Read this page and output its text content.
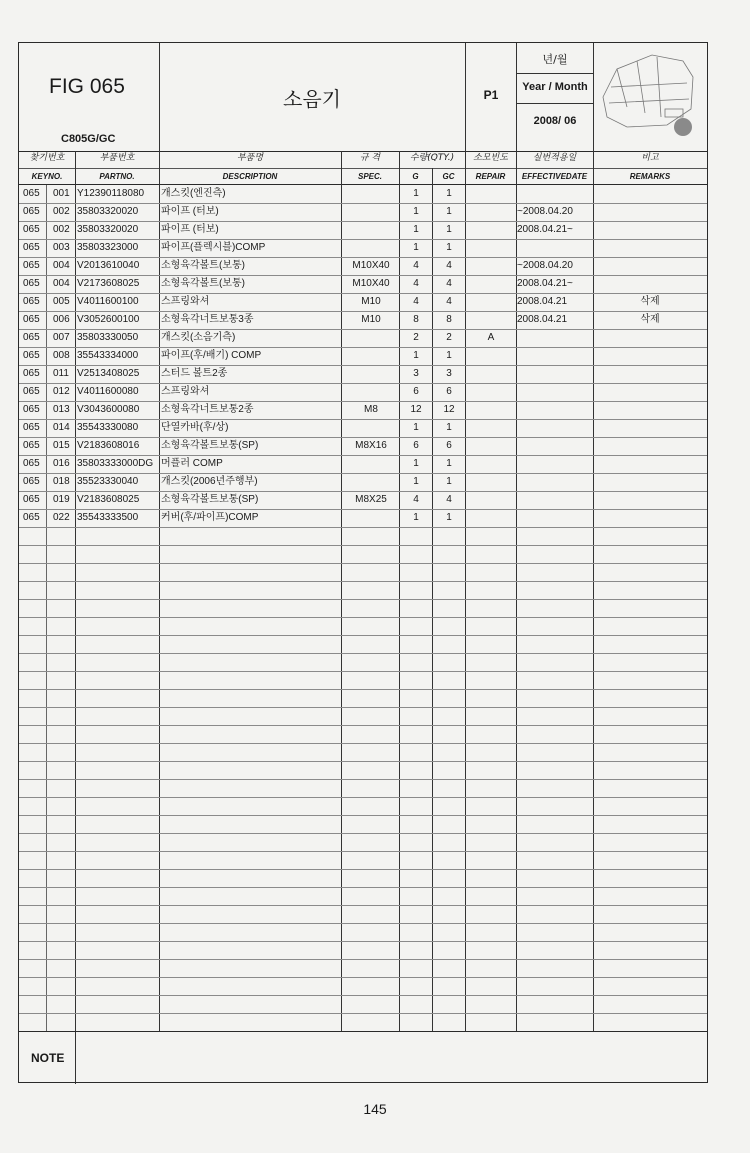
FIG 065
C805G/GC
소음기	P1
년/월
Year / Month
2008/ 06
찾기번호
KEYNO.
부품번호
PARTNO.
부품명
DESCRIPTION
규 격
SPEC.
수량(QTY.)
G	GC
소모빈도
REPAIR
실번적용일
EFFECTIVEDATE
비고
REMARKS
065	001 Y12390118080	개스킷(엔진측)	1	1
065	002 35803320020	파이프 (터보)	1	1	~2008.04.20
065	002 35803320020	파이프 (터보)	1	1	2008.04.21~
065	003 35803323000	파이프(플렉시블)COMP	1	1
065	004 V2013610040	소형육각볼트(보통)	M10X40	4	4	~2008.04.20
065	004 V2173608025	소형육각볼트(보통)	M10X40	4	4	2008.04.21~
065	005 V4011600100	스프링와셔	M10	4	4	2008.04.21	삭제
065	006 V3052600100	소형육각너트보통3종	M10	8	8	2008.04.21	삭제
065	007 35803330050	개스킷(소음기측)	2	2	A
065	008 35543334000	파이프(후/배기) COMP	1	1
065	011 V2513408025	스터드 볼트2종	3	3
065	012 V4011600080	스프링와셔	6	6
065	013 V3043600080	소형육각너트보통2종	M8	12	12
065	014 35543330080	단열카바(후/상)	1	1
065	015 V2183608016	소형육각볼트보통(SP)	M8X16	6	6
065	016 35803333000DG 머플러 COMP	1	1
065	018 35523330040	개스킷(2006년주행부)	1	1
065	019 V2183608025	소형육각볼트보통(SP)	M8X25	4	4
065	022 35543333500	커버(후/파이프)COMP	1	1
NOTE
145
